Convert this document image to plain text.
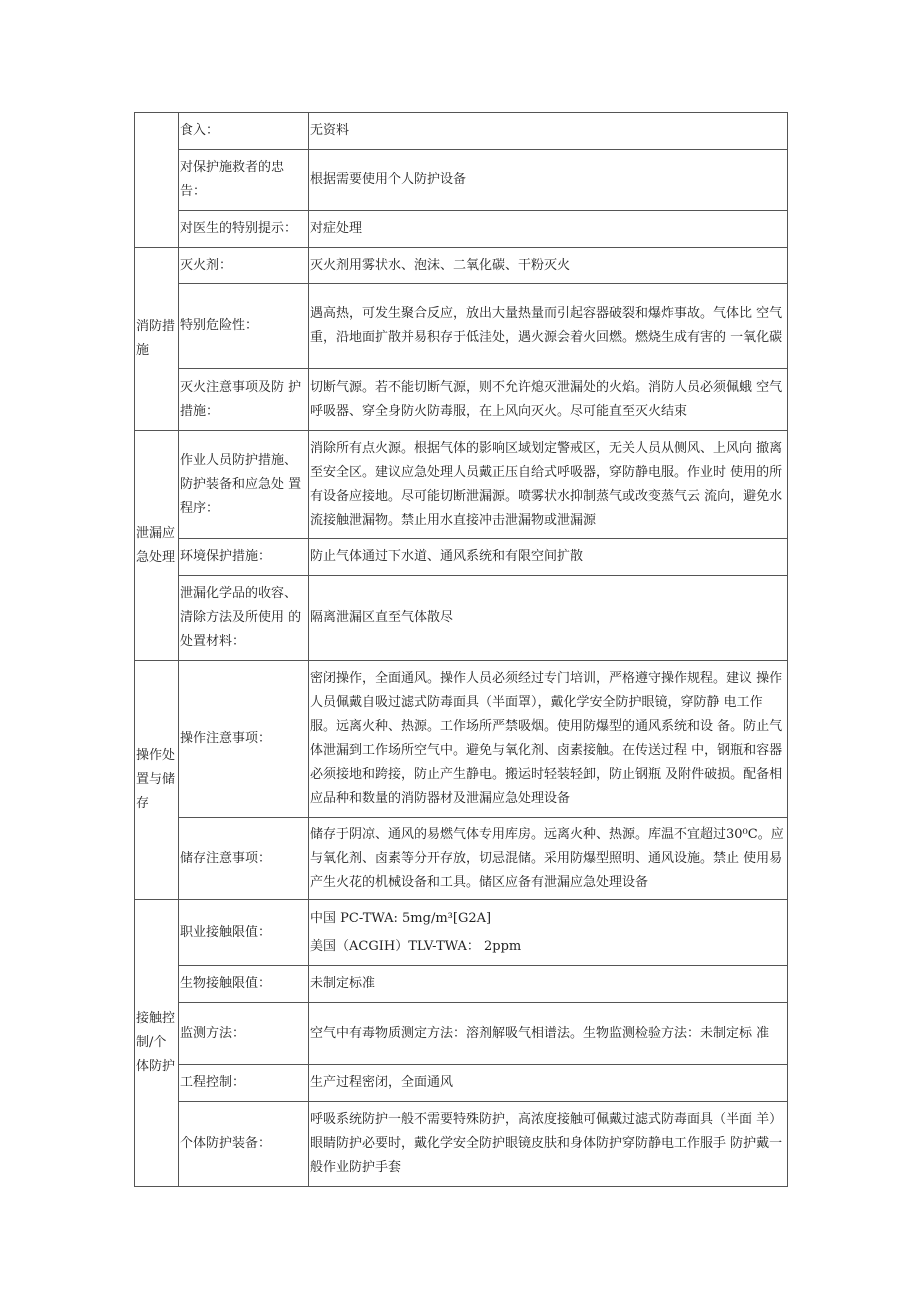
	食入：	无资料
	对保护施救者的忠告：	根据需要使用个人防护设备
	对医生的特别提示：	对症处理
消防措施	灭火剂：	灭火剂用雾状水、泡沫、二氧化碳、干粉灭火
	特别危险性：	遇高热，可发生聚合反应，放出大量热量而引起容器破裂和爆炸事故。气体比 空气重，沿地面扩散并易积存于低洼处，遇火源会着火回燃。燃烧生成有害的 一氧化碳
	灭火注意事项及防 护措施：	切断气源。若不能切断气源，则不允许熄灭泄漏处的火焰。消防人员必须佩蛾 空气呼吸器、穿全身防火防毒服，在上风向灭火。尽可能直至灭火结束
泄漏应急处理	作业人员防护措施、防护装备和应急处 置程序：	消除所有点火源。根据气体的影响区域划定警戒区，无关人员从侧风、上风向 撤离至安全区。建议应急处理人员戴正压自给式呼吸器，穿防静电服。作业时 使用的所有设备应接地。尽可能切断泄漏源。喷雾状水抑制蒸气或改变蒸气云 流向，避免水流接触泄漏物。禁止用水直接冲击泄漏物或泄漏源
	环境保护措施：	防止气体通过下水道、通风系统和有限空间扩散
	泄漏化学品的收容、清除方法及所使用 的处置材料：	隔离泄漏区直至气体散尽
操作处置与储存	操作注意事项：	密闭操作，全面通风。操作人员必须经过专门培训，严格遵守操作规程。建议 操作人员佩戴自吸过滤式防毒面具（半面罩），戴化学安全防护眼镜，穿防静 电工作服。远离火种、热源。工作场所严禁吸烟。使用防爆型的通风系统和设 备。防止气体泄漏到工作场所空气中。避免与氧化剂、卤素接触。在传送过程 中，钢瓶和容器必须接地和跨接，防止产生静电。搬运时轻装轻卸，防止钢瓶 及附件破损。配备相应品种和数量的消防器材及泄漏应急处理设备
	储存注意事项：	储存于阴凉、通风的易燃气体专用库房。远离火种、热源。库温不宜超过30⁰C。应与氧化剂、卤素等分开存放，切忌混储。采用防爆型照明、通风设施。禁止 使用易产生火花的机械设备和工具。储区应备有泄漏应急处理设备
接触控制/个体防护	职业接触限值：	中国 PC-TWA: 5mg/m³[G2A]
美国（ACGIH）TLV-TWA： 2ppm

	生物接触限值：	未制定标准
	监测方法：	空气中有毒物质测定方法：溶剂解吸气相谱法。生物监测检验方法：未制定标 准
	工程控制：	生产过程密闭，全面通风
	个体防护装备：	呼吸系统防护一般不需要特殊防护，高浓度接触可佩戴过滤式防毒面具（半面 羊）眼睛防护必要时，戴化学安全防护眼镜皮肤和身体防护穿防静电工作服手 防护戴一般作业防护手套
